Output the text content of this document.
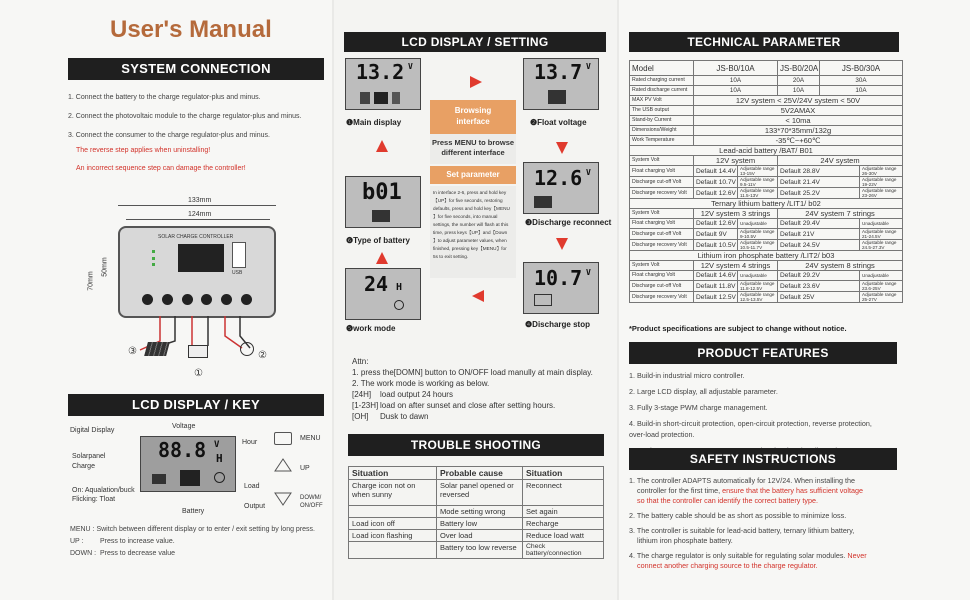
User's Manual
SYSTEM CONNECTION
1. Connect the battery to the charge regulator-plus and minus.
2. Connect the photovoltaic module to the charge regulator-plus and minus.
3. Connect the consumer to the charge regulator-plus and minus.
The reverse step applies when uninstalling!
An incorrect sequence step can damage the controller!
133mm
124mm
70mm
50mm
SOLAR CHARGE CONTROLLER
USB
③	②
①
LCD DISPLAY / KEY
88.8 V
H
Digital Display
Voltage
Hour
Solarpanel
Charge
On: Aqualation/buck
Flicking: Tloat
Load
Battery
Output
MENU
UP
DOWM/
ON/OFF
MENU : Switch between different display or to enter / exit setting by long press.
UP : Press to increase value.
DOWN : Press to decrease value
LCD DISPLAY / SETTING
13.2 V
❶Main display
13.7 V
❷Float voltage
Browsing
interface
Press MENU to browse
different interface
Set parameter
In interface 2-6, press and hold key
【UP】for five seconds, restoring
defaults, press and hold key【MENU
】for five seconds, into manual
settings, the number will flash at this
time, press keys【UP】and【Down
】to adjust parameter values, when
finished, pressing key【MENU】for
5s to exit setting.
b01
❻Type of battery
12.6 V
❸Discharge reconnect
24 H
❺work mode
10.7 V
❹Discharge stop
Attn:
1. press the[DOMN] button to ON/OFF load manully at main display.
2. The work mode is working as below.
[24H] load output 24 hours
[1-23H] load on after sunset and close after setting hours.
[OH] Dusk to dawn
TROUBLE SHOOTING
Situation	Probable cause	Situation
Charge icon not on when sunny	Solar panel opened or reversed	Reconnect
	Mode setting wrong	Set again
Load icon off	Battery low	Recharge
Load icon flashing	Over load	Reduce load watt
	Battery too low reverse	Check battery/connection
TECHNICAL PARAMETER
Model	JS-B0/10A		JS-B0/20A	JS-B0/30A	
Rated charging current	10A		20A	30A	
Rated discharge current	10A		10A	10A	
MAX PV Volt	12V system < 25V/24V system < 50V				
The USB output	5V2AMAX				
Stand-by Current	< 10ma				
Dimensions/Weight	133*70*35mm/132g				
Work Temperature	-35℃~+60℃				
Lead-acid battery /BAT/ B01					
System Volt	12V system		24V system		
Float charging Volt	Default 14.4V	Adjustable range 13-15V	Default 28.8V		Adjustable range 26-30V
Discharge cut-off Volt	Default 10.7V	Adjustable range 9.5-11V	Default 21.4V		Adjustable range 19-22V
Discharge recovery Volt	Default 12.6V	Adjustable range 11.5-13V	Default 25.2V		Adjustable range 23-26V
Ternary lithium battery /LIT1/ b02					
System Volt	12V system 3 strings		24V system 7 strings		
Float charging Volt	Default 12.6V	Unadjustable	Default 29.4V		Unadjustable
Discharge cut-off Volt	Default 9V	Adjustable range 9-10.5V	Default 21V		Adjustable range 21-24.5V
Discharge recovery Volt	Default 10.5V	Adjustable range 10.5-11.7V	Default 24.5V		Adjustable range 24.5-27.3V
Lithium iron phosphate battery /LIT2/ b03					
System Volt	12V system 4 strings		24V system 8 strings		
Float charging Volt	Default 14.6V	Unadjustable	Default 29.2V		Unadjustable
Discharge cut-off Volt	Default 11.8V	Adjustable range 11.8-12.5V	Default 23.6V		Adjustable range 23.6-25V
Discharge recovery Volt	Default 12.5V	Adjustable range 12.5-13.5V	Default 25V		Adjustable range 25-27V
*Product specifications are subject to change without notice.
PRODUCT FEATURES
1. Build-in industrial micro controller.
2. Large LCD display, all adjustable parameter.
3. Fully 3-stage PWM charge management.
4. Build-in short-circuit protection, open-circuit protection, reverse protection,
over-load protection.
SAFETY INSTRUCTIONS
1. The controller ADAPTS automatically for 12V/24. When installing the
controller for the first time, ensure that the battery has sufficient voltage
so that the controller can identify the correct battery type.
2. The battery cable should be as short as possible to minimize loss.
3. The controller is suitable for lead-acid battery, ternary lithium battery,
lithium iron phosphate battery.
4. The charge regulator is only suitable for regulating solar modules. Never
connect another charging source to the charge regulator.
